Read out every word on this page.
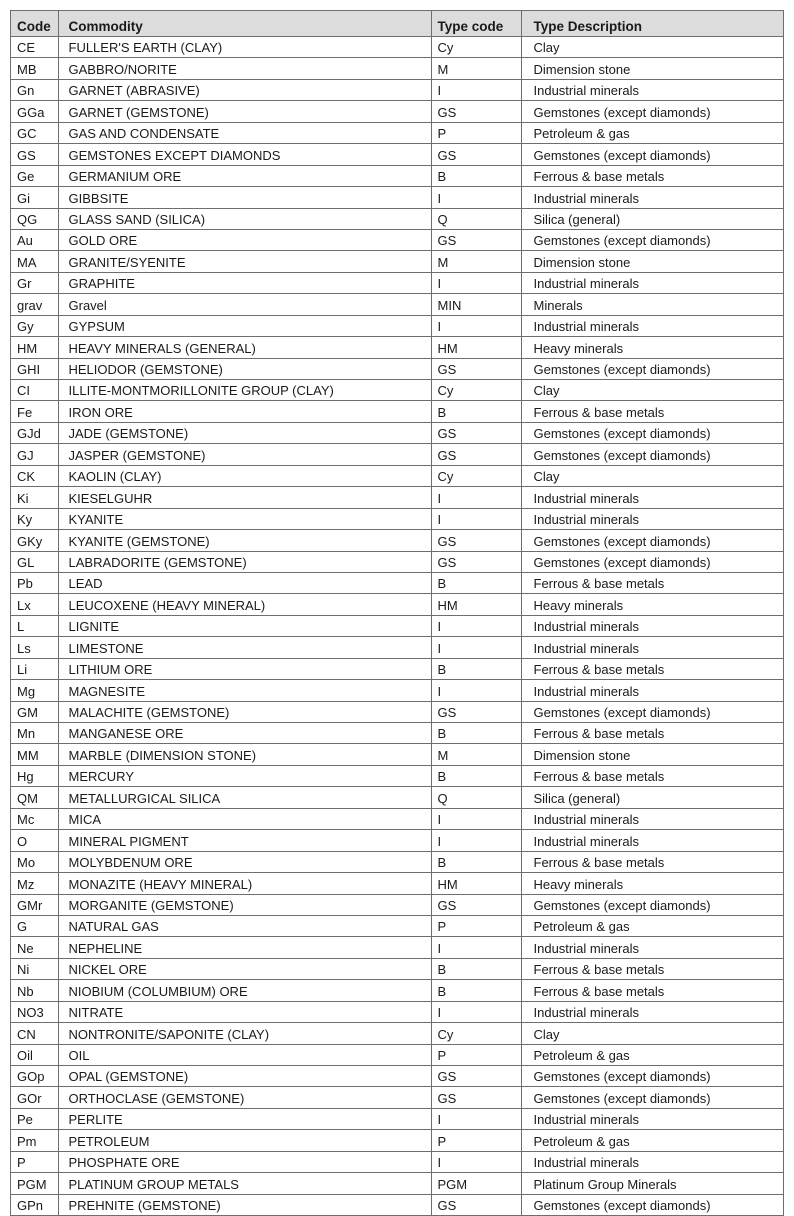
Code	Commodity	Type code	Type Description
CE	FULLER'S EARTH (CLAY)	Cy	Clay
MB	GABBRO/NORITE	M	Dimension stone
Gn	GARNET (ABRASIVE)	I	Industrial minerals
GGa	GARNET (GEMSTONE)	GS	Gemstones (except diamonds)
GC	GAS AND CONDENSATE	P	Petroleum & gas
GS	GEMSTONES EXCEPT DIAMONDS	GS	Gemstones (except diamonds)
Ge	GERMANIUM ORE	B	Ferrous & base metals
Gi	GIBBSITE	I	Industrial minerals
QG	GLASS SAND (SILICA)	Q	Silica (general)
Au	GOLD ORE	GS	Gemstones (except diamonds)
MA	GRANITE/SYENITE	M	Dimension stone
Gr	GRAPHITE	I	Industrial minerals
grav	Gravel	MIN	Minerals
Gy	GYPSUM	I	Industrial minerals
HM	HEAVY MINERALS (GENERAL)	HM	Heavy minerals
GHI	HELIODOR (GEMSTONE)	GS	Gemstones (except diamonds)
CI	ILLITE-MONTMORILLONITE GROUP (CLAY)	Cy	Clay
Fe	IRON ORE	B	Ferrous & base metals
GJd	JADE (GEMSTONE)	GS	Gemstones (except diamonds)
GJ	JASPER (GEMSTONE)	GS	Gemstones (except diamonds)
CK	KAOLIN (CLAY)	Cy	Clay
Ki	KIESELGUHR	I	Industrial minerals
Ky	KYANITE	I	Industrial minerals
GKy	KYANITE (GEMSTONE)	GS	Gemstones (except diamonds)
GL	LABRADORITE (GEMSTONE)	GS	Gemstones (except diamonds)
Pb	LEAD	B	Ferrous & base metals
Lx	LEUCOXENE (HEAVY MINERAL)	HM	Heavy minerals
L	LIGNITE	I	Industrial minerals
Ls	LIMESTONE	I	Industrial minerals
Li	LITHIUM ORE	B	Ferrous & base metals
Mg	MAGNESITE	I	Industrial minerals
GM	MALACHITE (GEMSTONE)	GS	Gemstones (except diamonds)
Mn	MANGANESE ORE	B	Ferrous & base metals
MM	MARBLE (DIMENSION STONE)	M	Dimension stone
Hg	MERCURY	B	Ferrous & base metals
QM	METALLURGICAL SILICA	Q	Silica (general)
Mc	MICA	I	Industrial minerals
O	MINERAL PIGMENT	I	Industrial minerals
Mo	MOLYBDENUM ORE	B	Ferrous & base metals
Mz	MONAZITE (HEAVY MINERAL)	HM	Heavy minerals
GMr	MORGANITE (GEMSTONE)	GS	Gemstones (except diamonds)
G	NATURAL GAS	P	Petroleum & gas
Ne	NEPHELINE	I	Industrial minerals
Ni	NICKEL ORE	B	Ferrous & base metals
Nb	NIOBIUM (COLUMBIUM) ORE	B	Ferrous & base metals
NO3	NITRATE	I	Industrial minerals
CN	NONTRONITE/SAPONITE (CLAY)	Cy	Clay
Oil	OIL	P	Petroleum & gas
GOp	OPAL (GEMSTONE)	GS	Gemstones (except diamonds)
GOr	ORTHOCLASE (GEMSTONE)	GS	Gemstones (except diamonds)
Pe	PERLITE	I	Industrial minerals
Pm	PETROLEUM	P	Petroleum & gas
P	PHOSPHATE ORE	I	Industrial minerals
PGM	PLATINUM GROUP METALS	PGM	Platinum Group Minerals
GPn	PREHNITE (GEMSTONE)	GS	Gemstones (except diamonds)
